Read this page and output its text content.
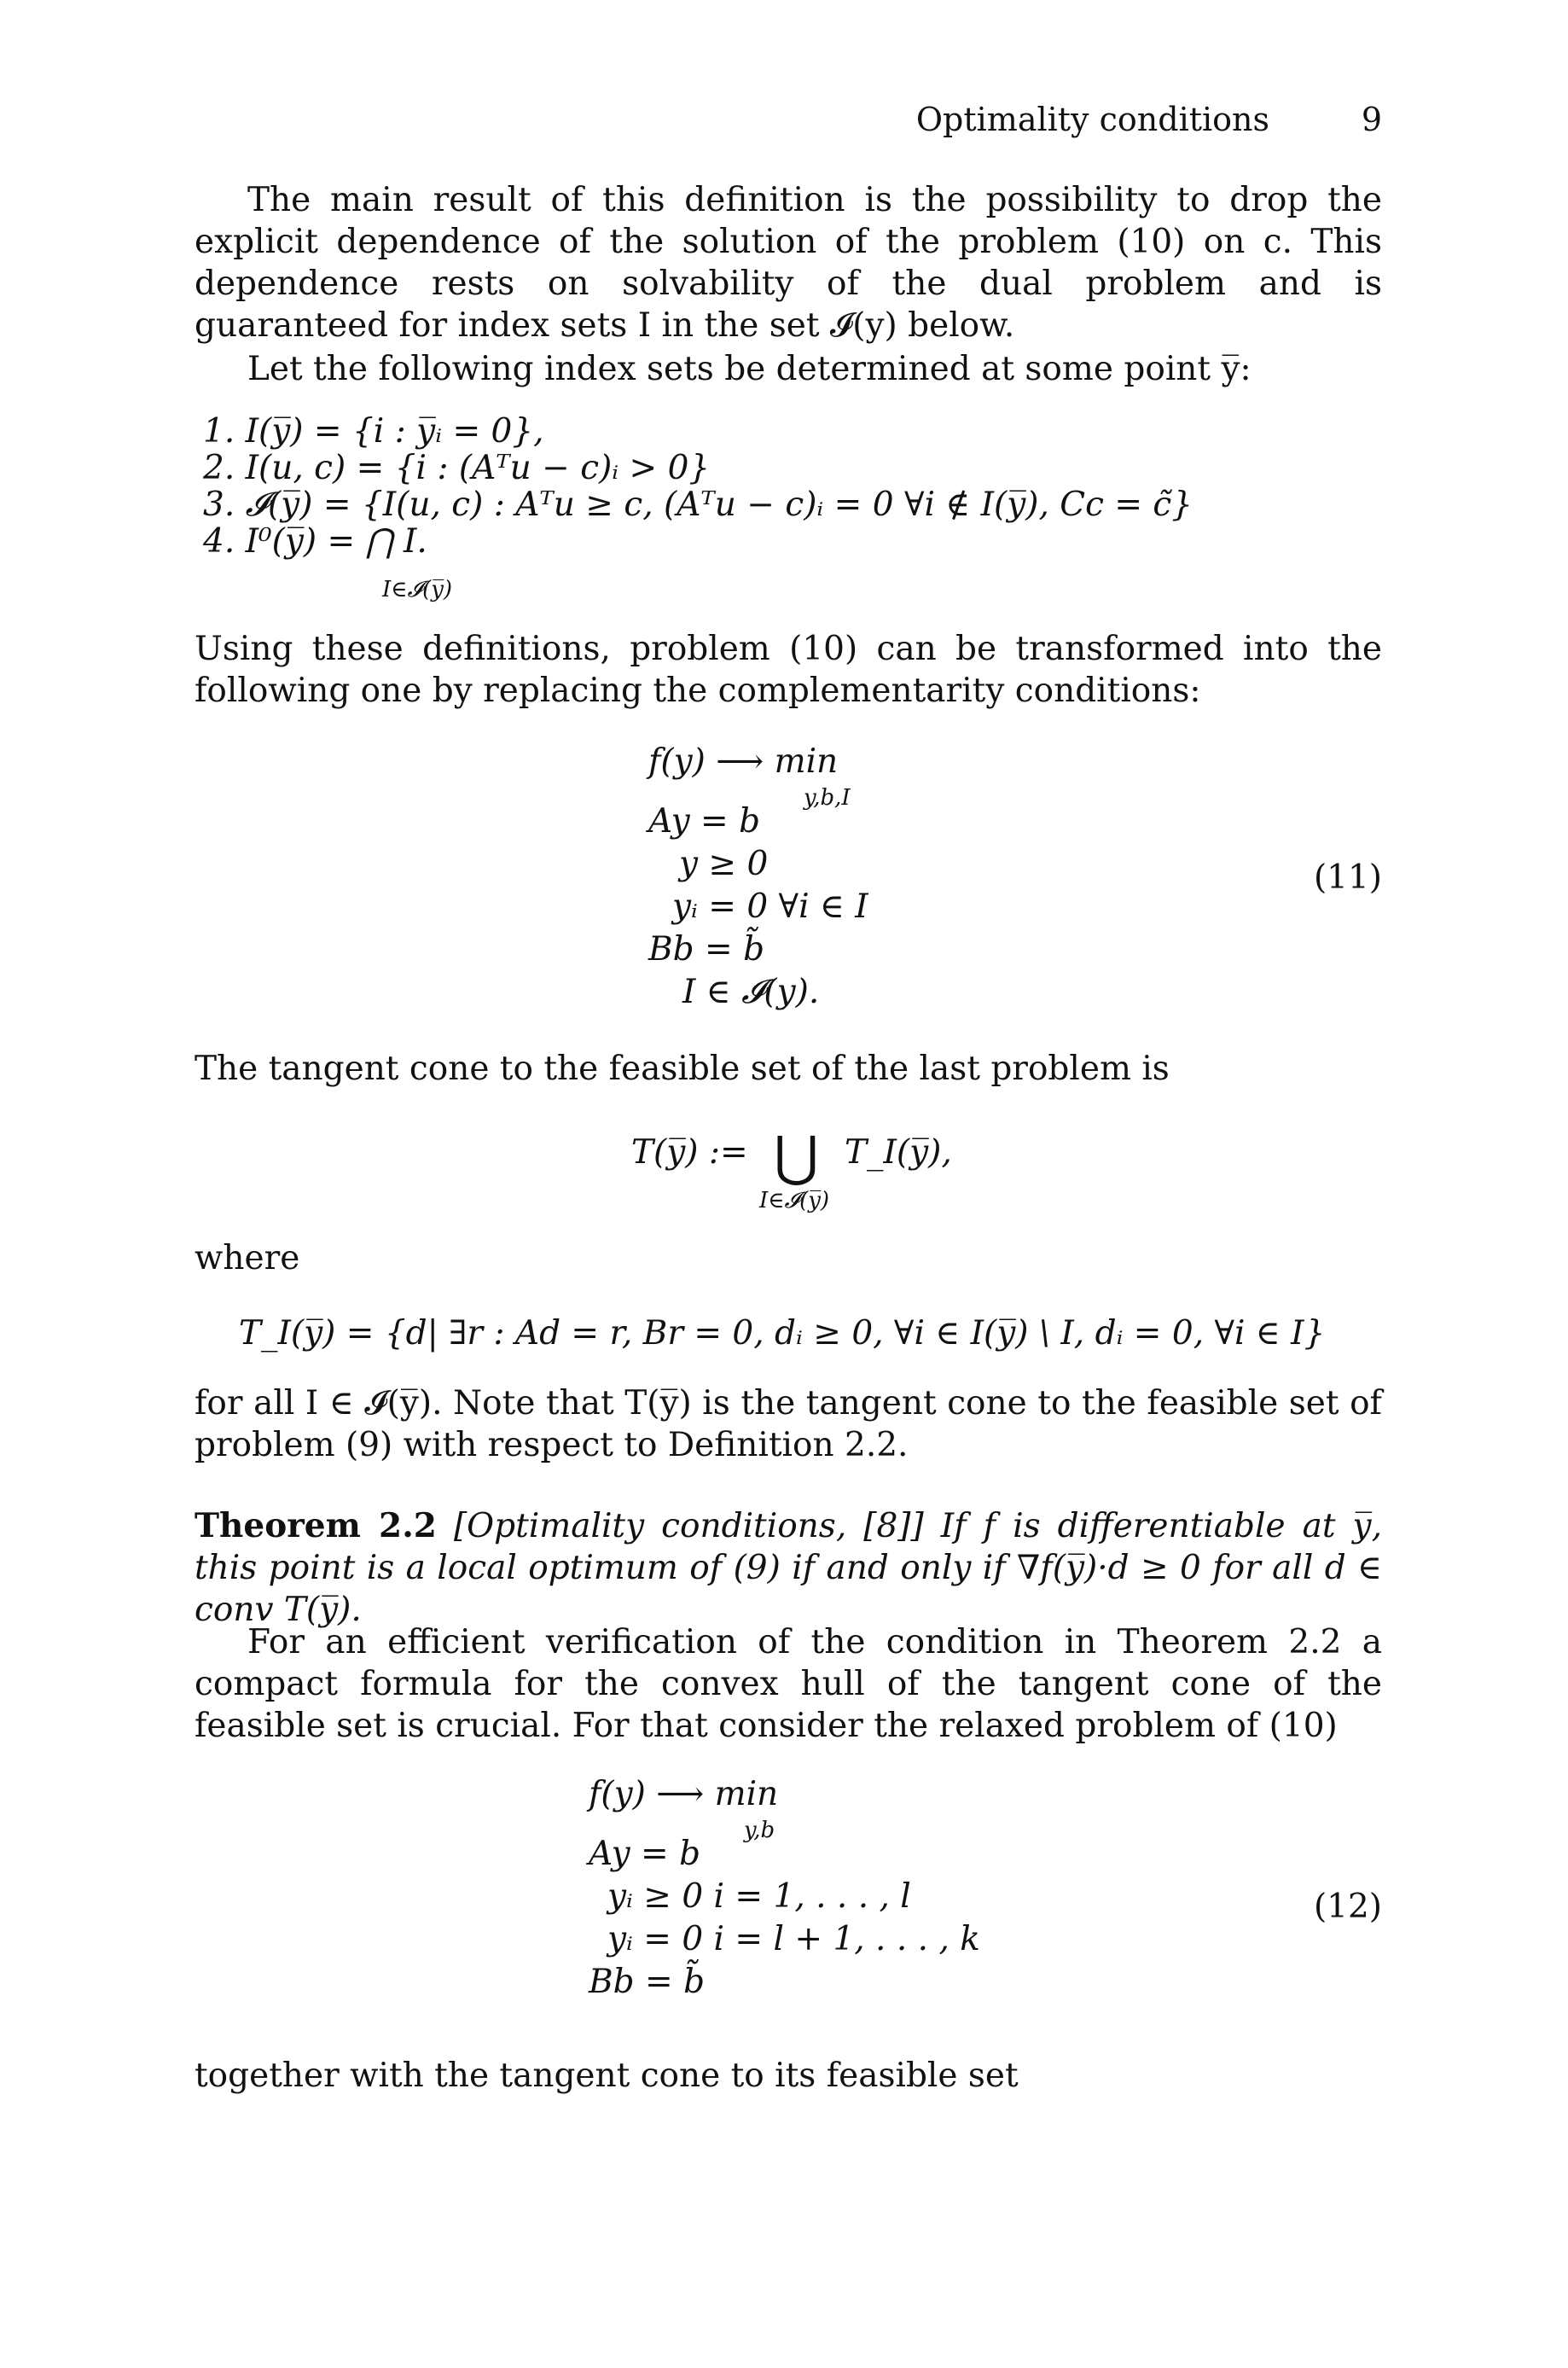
Optimality conditions	9
The main result of this definition is the possibility to drop the explicit dependence of the solution of the problem (10) on c. This dependence rests on solvability of the dual problem and is guaranteed for index sets I in the set 𝓘(y) below.
Let the following index sets be determined at some point y̅:
1. I(y̅) = {i : y̅ᵢ = 0},
2. I(u, c) = {i : (Aᵀu − c)ᵢ > 0}
3. 𝓘(y̅) = {I(u, c) : Aᵀu ≥ c, (Aᵀu − c)ᵢ = 0 ∀i ∉ I(y̅), Cc = c̃}
4. I⁰(y̅) = ⋂ I.
I∈𝓘(y̅)
Using these definitions, problem (10) can be transformed into the following one by replacing the complementarity conditions:
f(y) ⟶ min
y,b,I
Ay = b
y ≥ 0
yᵢ = 0 ∀i ∈ I
Bb = b̃
I ∈ 𝓘(y).
(11)
The tangent cone to the feasible set of the last problem is
T(y̅) := ⋃ T_I(y̅),
I∈𝓘(y̅)
where
T_I(y̅) = {d| ∃r : Ad = r, Br = 0, dᵢ ≥ 0, ∀i ∈ I(y̅) \ I, dᵢ = 0, ∀i ∈ I}
for all I ∈ 𝓘(y̅). Note that T(y̅) is the tangent cone to the feasible set of problem (9) with respect to Definition 2.2.
Theorem 2.2 [Optimality conditions, [8]] If f is differentiable at y̅, this point is a local optimum of (9) if and only if ∇f(y̅)·d ≥ 0 for all d ∈ conv T(y̅).
For an efficient verification of the condition in Theorem 2.2 a compact formula for the convex hull of the tangent cone of the feasible set is crucial. For that consider the relaxed problem of (10)
f(y) ⟶ min
y,b
Ay = b
yᵢ ≥ 0 i = 1, . . . , l
yᵢ = 0 i = l + 1, . . . , k
Bb = b̃
(12)
together with the tangent cone to its feasible set
